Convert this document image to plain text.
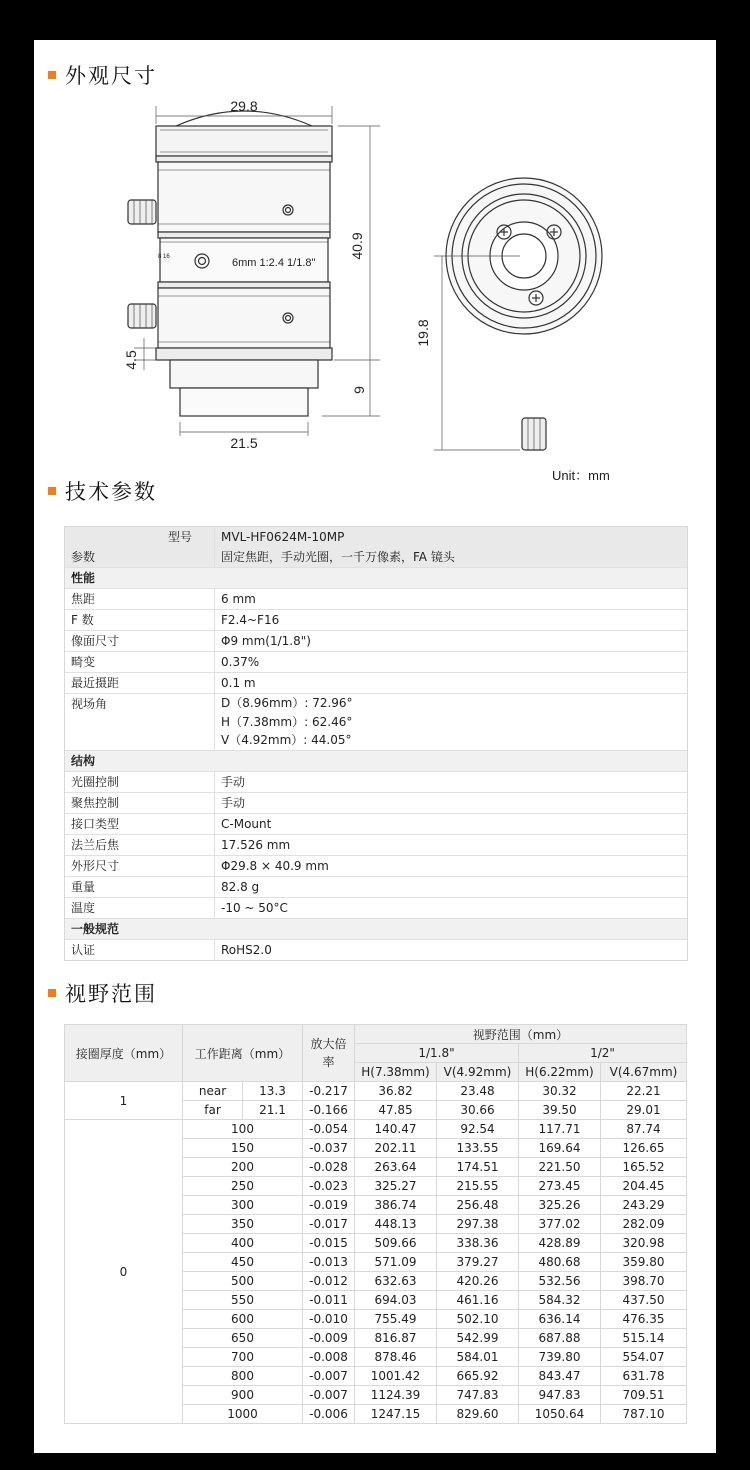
外观尺寸
29.8
40.9
4.5
21.5
9
19.8
Unit：mm
6mm 1:2.4 1/1.8"
8 16
技术参数
型号	MVL-HF0624M-10MP
参数	固定焦距，手动光圈，一千万像素，FA 镜头
性能
焦距	6 mm
F 数	F2.4~F16
像面尺寸	Φ9 mm(1/1.8")
畸变	0.37%
最近摄距	0.1 m
视场角	D（8.96mm）: 72.96°
H（7.38mm）: 62.46°
V（4.92mm）: 44.05°
结构
光圈控制	手动
聚焦控制	手动
接口类型	C-Mount
法兰后焦	17.526 mm
外形尺寸	Φ29.8 × 40.9 mm
重量	82.8 g
温度	-10 ~ 50°C
一般规范
认证	RoHS2.0
视野范围
接圈厚度（mm）	工作距离（mm）		放大倍率	视野范围（mm）			
				1/1.8"		1/2"	
				H(7.38mm)	V(4.92mm)	H(6.22mm)	V(4.67mm)
1	near	13.3	-0.217	36.82	23.48	30.32	22.21
	far	21.1	-0.166	47.85	30.66	39.50	29.01
0	100		-0.054	140.47	92.54	117.71	87.74
	150		-0.037	202.11	133.55	169.64	126.65
	200		-0.028	263.64	174.51	221.50	165.52
	250		-0.023	325.27	215.55	273.45	204.45
	300		-0.019	386.74	256.48	325.26	243.29
	350		-0.017	448.13	297.38	377.02	282.09
	400		-0.015	509.66	338.36	428.89	320.98
	450		-0.013	571.09	379.27	480.68	359.80
	500		-0.012	632.63	420.26	532.56	398.70
	550		-0.011	694.03	461.16	584.32	437.50
	600		-0.010	755.49	502.10	636.14	476.35
	650		-0.009	816.87	542.99	687.88	515.14
	700		-0.008	878.46	584.01	739.80	554.07
	800		-0.007	1001.42	665.92	843.47	631.78
	900		-0.007	1124.39	747.83	947.83	709.51
	1000		-0.006	1247.15	829.60	1050.64	787.10
